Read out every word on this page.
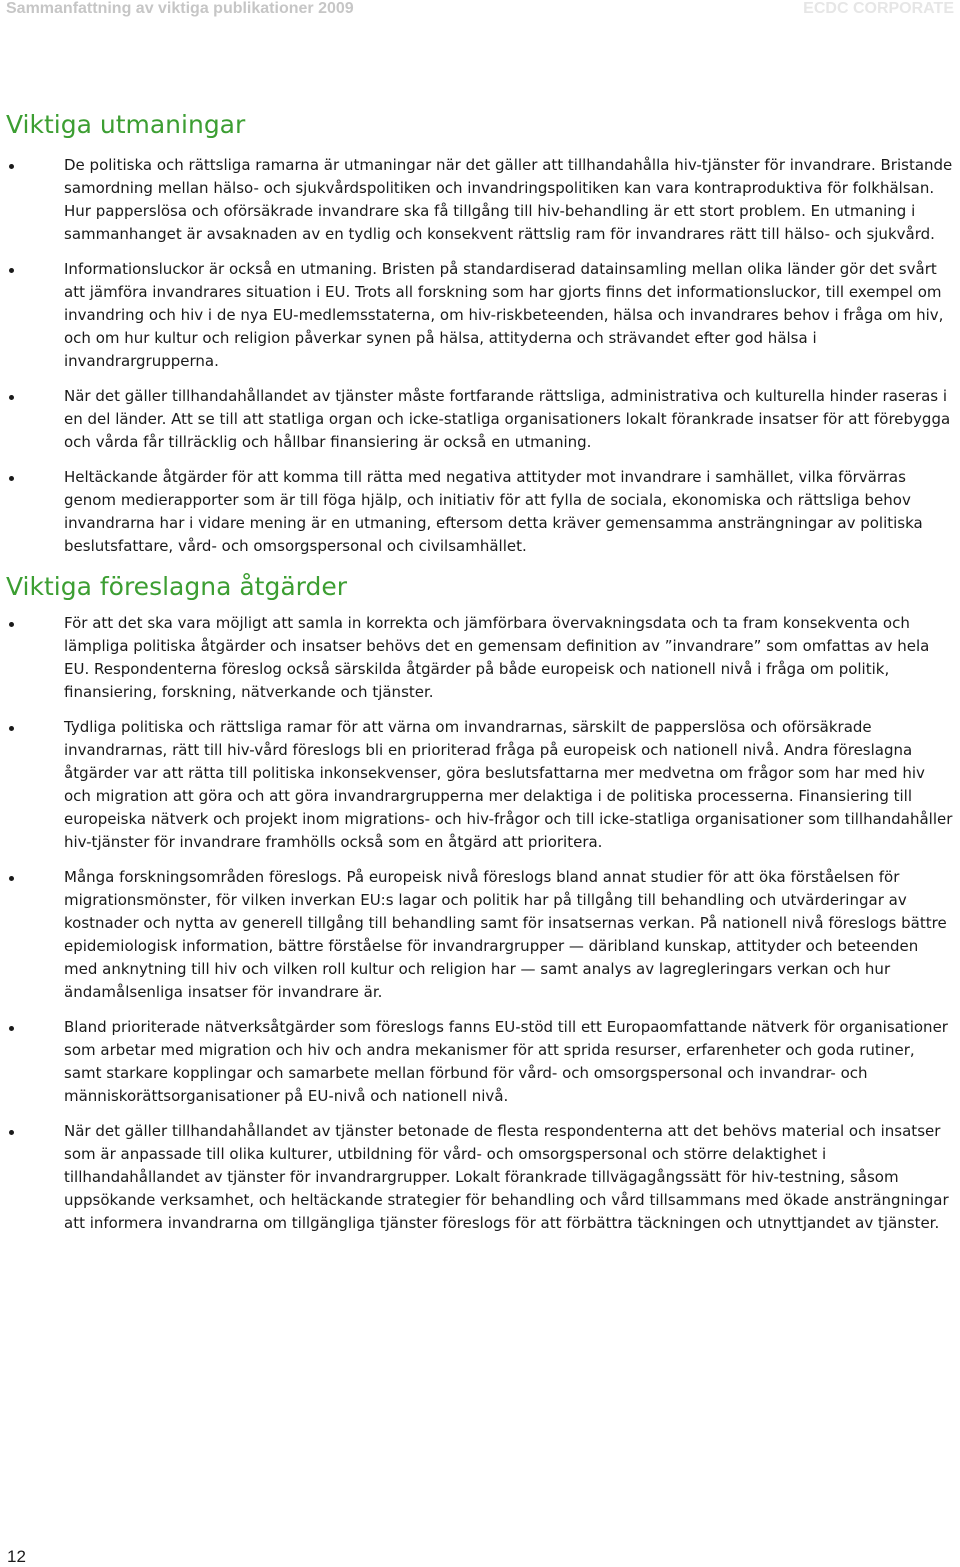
Sammanfattning av viktiga publikationer 2009	ECDC CORPORATE
Viktiga utmaningar
De politiska och rättsliga ramarna är utmaningar när det gäller att tillhandahålla hiv-tjänster för invandrare. Bristande samordning mellan hälso- och sjukvårdspolitiken och invandringspolitiken kan vara kontraproduktiva för folkhälsan. Hur papperslösa och oförsäkrade invandrare ska få tillgång till hiv-behandling är ett stort problem. En utmaning i sammanhanget är avsaknaden av en tydlig och konsekvent rättslig ram för invandrares rätt till hälso- och sjukvård.
Informationsluckor är också en utmaning. Bristen på standardiserad datainsamling mellan olika länder gör det svårt att jämföra invandrares situation i EU. Trots all forskning som har gjorts finns det informationsluckor, till exempel om invandring och hiv i de nya EU-medlemsstaterna, om hiv-riskbeteenden, hälsa och invandrares behov i fråga om hiv, och om hur kultur och religion påverkar synen på hälsa, attityderna och strävandet efter god hälsa i invandrargrupperna.
När det gäller tillhandahållandet av tjänster måste fortfarande rättsliga, administrativa och kulturella hinder raseras i en del länder. Att se till att statliga organ och icke-statliga organisationers lokalt förankrade insatser för att förebygga och vårda får tillräcklig och hållbar finansiering är också en utmaning.
Heltäckande åtgärder för att komma till rätta med negativa attityder mot invandrare i samhället, vilka förvärras genom medierapporter som är till föga hjälp, och initiativ för att fylla de sociala, ekonomiska och rättsliga behov invandrarna har i vidare mening är en utmaning, eftersom detta kräver gemensamma ansträngningar av politiska beslutsfattare, vård- och omsorgspersonal och civilsamhället.
Viktiga föreslagna åtgärder
För att det ska vara möjligt att samla in korrekta och jämförbara övervakningsdata och ta fram konsekventa och lämpliga politiska åtgärder och insatser behövs det en gemensam definition av ”invandrare” som omfattas av hela EU. Respondenterna föreslog också särskilda åtgärder på både europeisk och nationell nivå i fråga om politik, finansiering, forskning, nätverkande och tjänster.
Tydliga politiska och rättsliga ramar för att värna om invandrarnas, särskilt de papperslösa och oförsäkrade invandrarnas, rätt till hiv-vård föreslogs bli en prioriterad fråga på europeisk och nationell nivå. Andra föreslagna åtgärder var att rätta till politiska inkonsekvenser, göra beslutsfattarna mer medvetna om frågor som har med hiv och migration att göra och att göra invandrargrupperna mer delaktiga i de politiska processerna. Finansiering till europeiska nätverk och projekt inom migrations- och hiv-frågor och till icke-statliga organisationer som tillhandahåller hiv-tjänster för invandrare framhölls också som en åtgärd att prioritera.
Många forskningsområden föreslogs. På europeisk nivå föreslogs bland annat studier för att öka förståelsen för migrationsmönster, för vilken inverkan EU:s lagar och politik har på tillgång till behandling och utvärderingar av kostnader och nytta av generell tillgång till behandling samt för insatsernas verkan. På nationell nivå föreslogs bättre epidemiologisk information, bättre förståelse för invandrargrupper — däribland kunskap, attityder och beteenden med anknytning till hiv och vilken roll kultur och religion har — samt analys av lagregleringars verkan och hur ändamålsenliga insatser för invandrare är.
Bland prioriterade nätverksåtgärder som föreslogs fanns EU-stöd till ett Europaomfattande nätverk för organisationer som arbetar med migration och hiv och andra mekanismer för att sprida resurser, erfarenheter och goda rutiner, samt starkare kopplingar och samarbete mellan förbund för vård- och omsorgspersonal och invandrar- och människorättsorganisationer på EU-nivå och nationell nivå.
När det gäller tillhandahållandet av tjänster betonade de flesta respondenterna att det behövs material och insatser som är anpassade till olika kulturer, utbildning för vård- och omsorgspersonal och större delaktighet i tillhandahållandet av tjänster för invandrargrupper. Lokalt förankrade tillvägagångssätt för hiv-testning, såsom uppsökande verksamhet, och heltäckande strategier för behandling och vård tillsammans med ökade ansträngningar att informera invandrarna om tillgängliga tjänster föreslogs för att förbättra täckningen och utnyttjandet av tjänster.
12
